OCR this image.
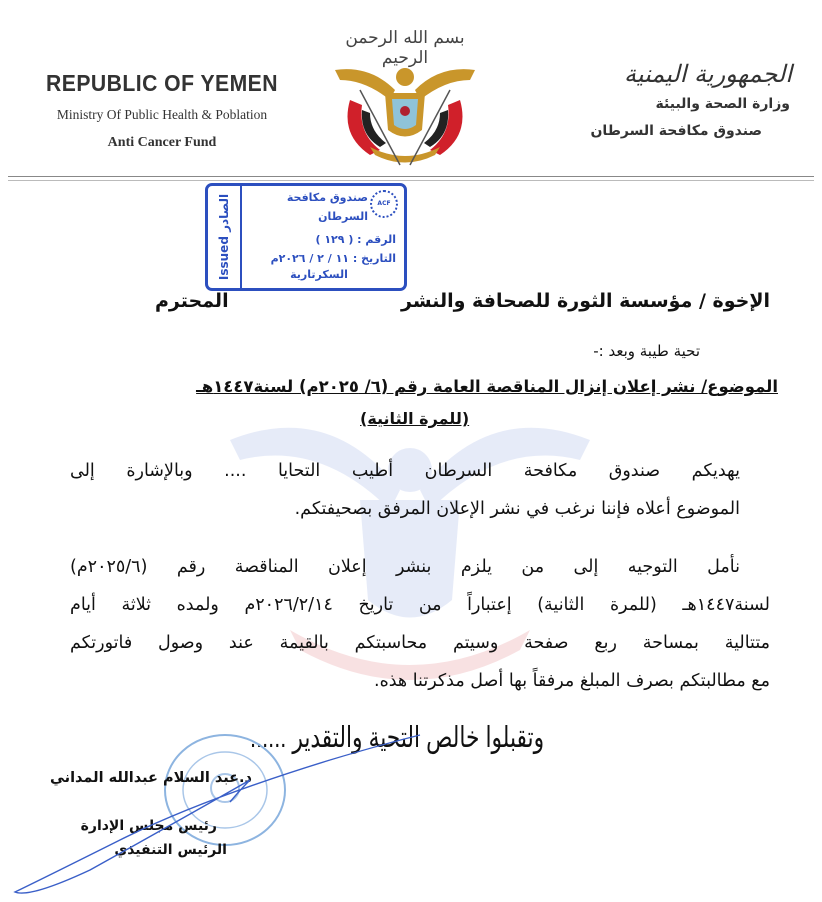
REPUBLIC OF YEMEN
Ministry Of Public Health & Poblation
Anti Cancer Fund
الجمهورية اليمنية
وزارة الصحة والبيئة
صندوق مكافحة السرطان
بسم الله الرحمن الرحيم
Issued الصادر	ACF
صندوق مكافحة السرطان
الرقم : ( ١٢٩ )
التاريخ : ١١ / ٢ / ٢٠٢٦م
السكرتارية
الإخوة / مؤسسة الثورة للصحافة والنشر
المحترم
تحية طيبة وبعد :-
الموضوع/ نشر إعلان إنزال المناقصة العامة رقم (٦/ ٢٠٢٥م) لسنة١٤٤٧هـ
(للمرة الثانية)
يهديكم صندوق مكافحة السرطان أطيب التحايا .... وبالإشارة إلى
الموضوع أعلاه فإننا نرغب في نشر الإعلان المرفق بصحيفتكم.
نأمل التوجيه إلى من يلزم بنشر إعلان المناقصة رقم (٢٠٢٥/٦م)
لسنة١٤٤٧هـ (للمرة الثانية) إعتباراً من تاريخ ٢٠٢٦/٢/١٤م ولمده ثلاثة أيام
متتالية بمساحة ربع صفحة وسيتم محاسبتكم بالقيمة عند وصول فاتورتكم
مع مطالبتكم بصرف المبلغ مرفقاً بها أصل مذكرتنا هذه.
وتقبلوا خالص التحية والتقدير ......
د.عبد السلام عبدالله المداني
رئيس مجلس الإدارة
الرئيس التنفيذي
